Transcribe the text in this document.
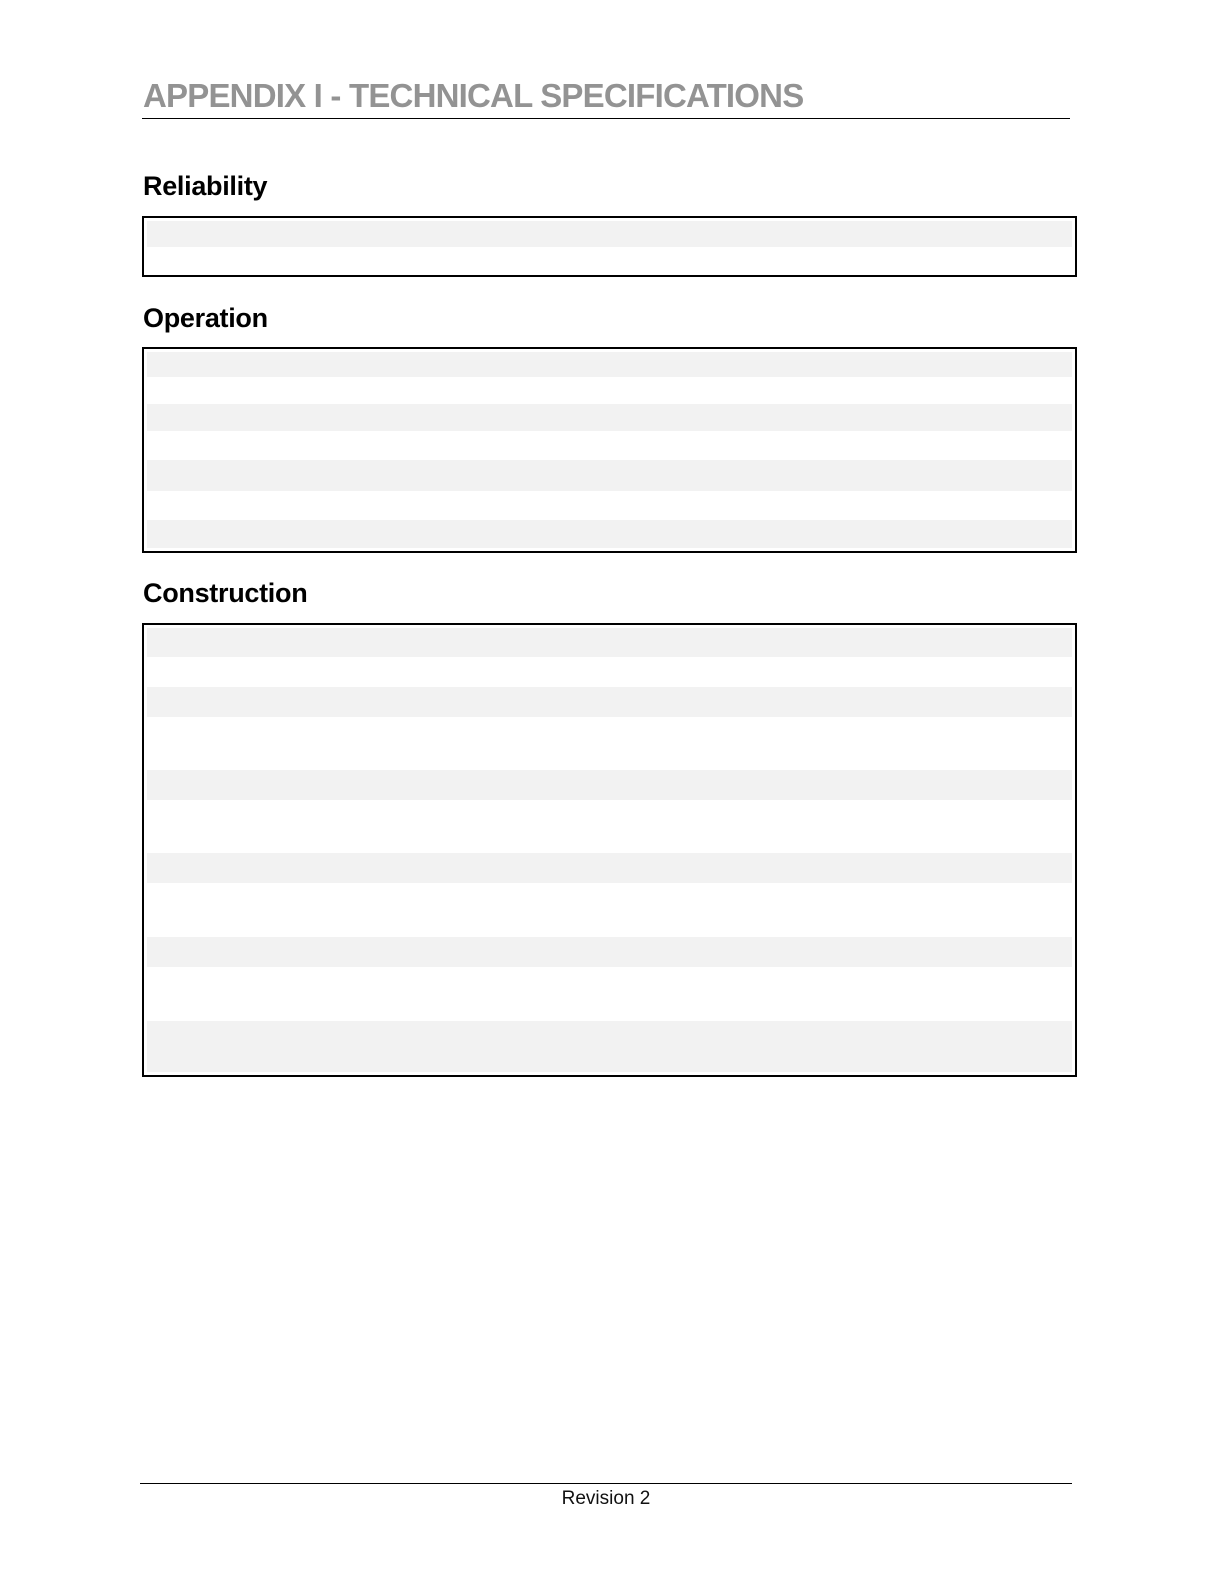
APPENDIX I - TECHNICAL SPECIFICATIONS
Reliability
Operation
Construction
Revision 2
